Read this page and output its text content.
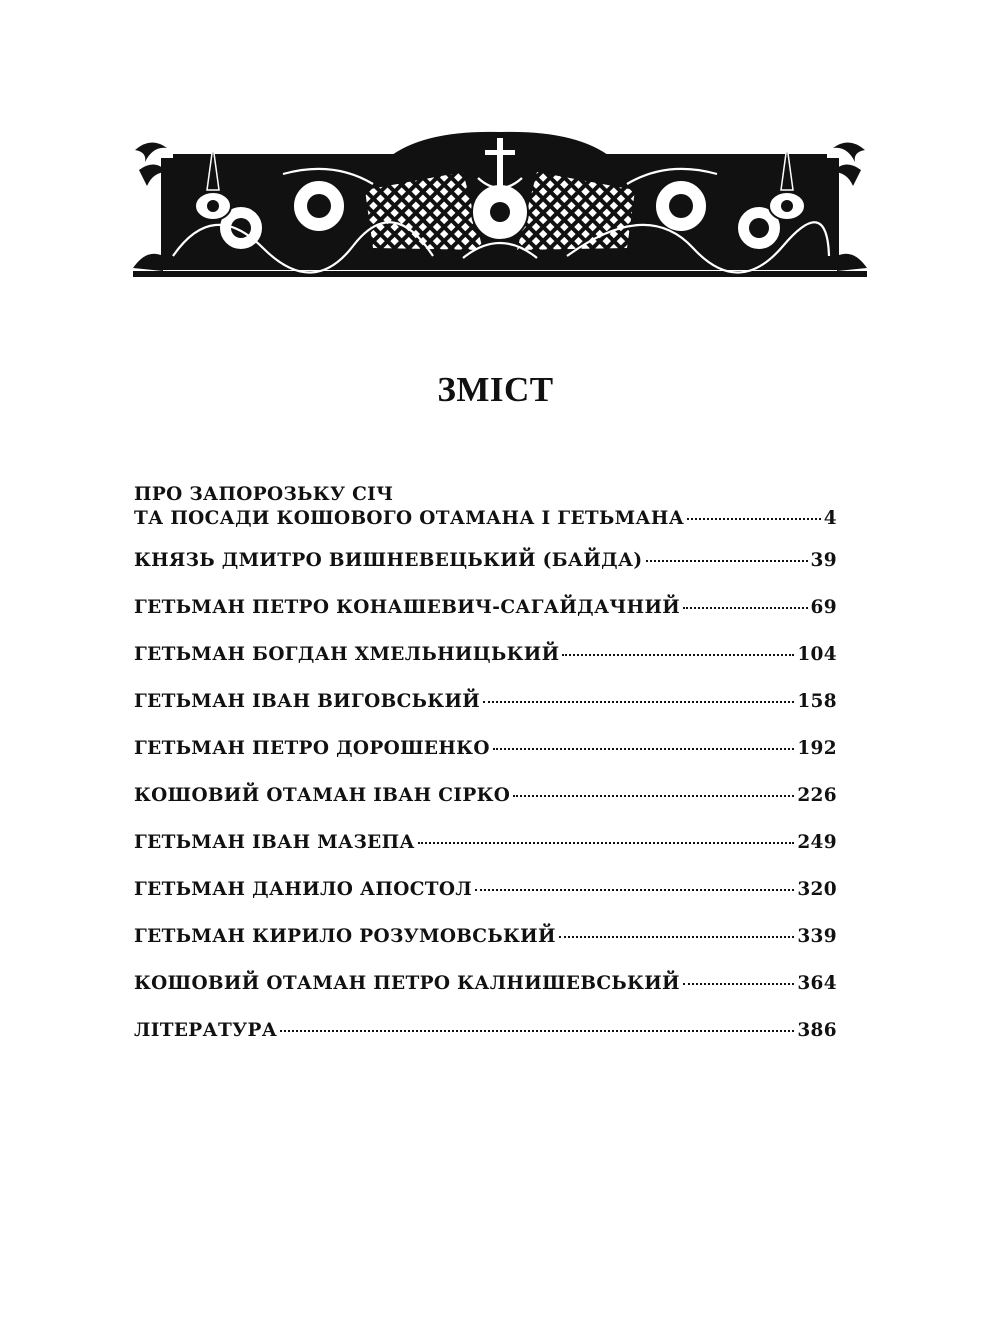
ЗМІСТ
ПРО ЗАПОРОЗЬКУ СІЧ
ТА ПОСАДИ КОШОВОГО ОТАМАНА І ГЕТЬМАНА	4
КНЯЗЬ ДМИТРО ВИШНЕВЕЦЬКИЙ (БАЙДА)	39
ГЕТЬМАН ПЕТРО КОНАШЕВИЧ-САГАЙДАЧНИЙ	69
ГЕТЬМАН БОГДАН ХМЕЛЬНИЦЬКИЙ	104
ГЕТЬМАН ІВАН ВИГОВСЬКИЙ	158
ГЕТЬМАН ПЕТРО ДОРОШЕНКО	192
КОШОВИЙ ОТАМАН ІВАН СІРКО	226
ГЕТЬМАН ІВАН МАЗЕПА	249
ГЕТЬМАН ДАНИЛО АПОСТОЛ	320
ГЕТЬМАН КИРИЛО РОЗУМОВСЬКИЙ	339
КОШОВИЙ ОТАМАН ПЕТРО КАЛНИШЕВСЬКИЙ	364
ЛІТЕРАТУРА	386
